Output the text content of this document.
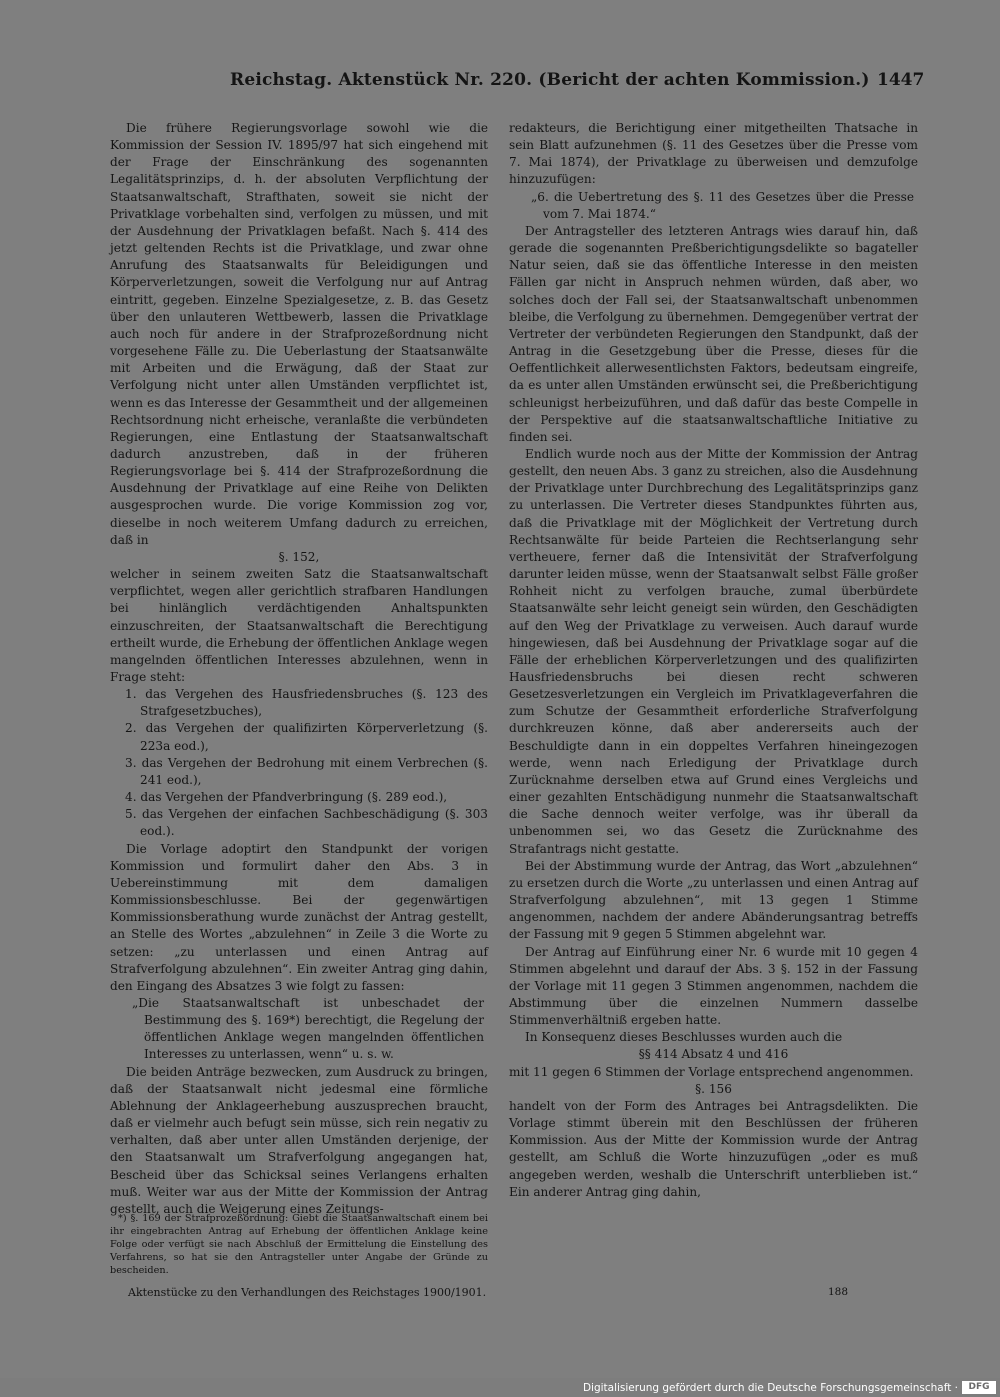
Reichstag. Aktenstück Nr. 220. (Bericht der achten Kommission.) 1447

Die frühere Regierungsvorlage sowohl wie die Kommission der Session IV. 1895/97 hat sich eingehend mit der Frage der Einschränkung des sogenannten Legalitätsprinzips, d. h. der absoluten Verpflichtung der Staatsanwaltschaft, Strafthaten, soweit sie nicht der Privatklage vorbehalten sind, verfolgen zu müssen, und mit der Ausdehnung der Privatklagen befaßt. Nach §. 414 des jetzt geltenden Rechts ist die Privatklage, und zwar ohne Anrufung des Staatsanwalts für Beleidigungen und Körperverletzungen, soweit die Verfolgung nur auf Antrag eintritt, gegeben. Einzelne Spezialgesetze, z. B. das Gesetz über den unlauteren Wettbewerb, lassen die Privatklage auch noch für andere in der Strafprozeßordnung nicht vorgesehene Fälle zu. Die Ueberlastung der Staatsanwälte mit Arbeiten und die Erwägung, daß der Staat zur Verfolgung nicht unter allen Umständen verpflichtet ist, wenn es das Interesse der Gesammtheit und der allgemeinen Rechtsordnung nicht erheische, veranlaßte die verbündeten Regierungen, eine Entlastung der Staatsanwaltschaft dadurch anzustreben, daß in der früheren Regierungsvorlage bei §. 414 der Strafprozeßordnung die Ausdehnung der Privatklage auf eine Reihe von Delikten ausgesprochen wurde. Die vorige Kommission zog vor, dieselbe in noch weiterem Umfang dadurch zu erreichen, daß in

§. 152,

welcher in seinem zweiten Satz die Staatsanwaltschaft verpflichtet, wegen aller gerichtlich strafbaren Handlungen bei hinlänglich verdächtigenden Anhaltspunkten einzuschreiten, der Staatsanwaltschaft die Berechtigung ertheilt wurde, die Erhebung der öffentlichen Anklage wegen mangelnden öffentlichen Interesses abzulehnen, wenn in Frage steht:

1. das Vergehen des Hausfriedensbruches (§. 123 des Strafgesetzbuches),

2. das Vergehen der qualifizirten Körperverletzung (§. 223a eod.),

3. das Vergehen der Bedrohung mit einem Verbrechen (§. 241 eod.),

4. das Vergehen der Pfandverbringung (§. 289 eod.),

5. das Vergehen der einfachen Sachbeschädigung (§. 303 eod.).

Die Vorlage adoptirt den Standpunkt der vorigen Kommission und formulirt daher den Abs. 3 in Uebereinstimmung mit dem damaligen Kommissionsbeschlusse. Bei der gegenwärtigen Kommissionsberathung wurde zunächst der Antrag gestellt, an Stelle des Wortes „abzulehnen“ in Zeile 3 die Worte zu setzen: „zu unterlassen und einen Antrag auf Strafverfolgung abzulehnen“. Ein zweiter Antrag ging dahin, den Eingang des Absatzes 3 wie folgt zu fassen:

„Die Staatsanwaltschaft ist unbeschadet der Bestimmung des §. 169*) berechtigt, die Regelung der öffentlichen Anklage wegen mangelnden öffentlichen Interesses zu unterlassen, wenn“ u. s. w.

Die beiden Anträge bezwecken, zum Ausdruck zu bringen, daß der Staatsanwalt nicht jedesmal eine förmliche Ablehnung der Anklageerhebung auszusprechen braucht, daß er vielmehr auch befugt sein müsse, sich rein negativ zu verhalten, daß aber unter allen Umständen derjenige, der den Staatsanwalt um Strafverfolgung angegangen hat, Bescheid über das Schicksal seines Verlangens erhalten muß. Weiter war aus der Mitte der Kommission der Antrag gestellt, auch die Weigerung eines Zeitungs-

*) §. 169 der Strafprozeßordnung: Giebt die Staatsanwaltschaft einem bei ihr eingebrachten Antrag auf Erhebung der öffentlichen Anklage keine Folge oder verfügt sie nach Abschluß der Ermittelung die Einstellung des Verfahrens, so hat sie den Antragsteller unter Angabe der Gründe zu bescheiden.

redakteurs, die Berichtigung einer mitgetheilten Thatsache in sein Blatt aufzunehmen (§. 11 des Gesetzes über die Presse vom 7. Mai 1874), der Privatklage zu überweisen und demzufolge hinzuzufügen:

„6. die Uebertretung des §. 11 des Gesetzes über die Presse vom 7. Mai 1874.“

Der Antragsteller des letzteren Antrags wies darauf hin, daß gerade die sogenannten Preßberichtigungsdelikte so bagateller Natur seien, daß sie das öffentliche Interesse in den meisten Fällen gar nicht in Anspruch nehmen würden, daß aber, wo solches doch der Fall sei, der Staatsanwaltschaft unbenommen bleibe, die Verfolgung zu übernehmen. Demgegenüber vertrat der Vertreter der verbündeten Regierungen den Standpunkt, daß der Antrag in die Gesetzgebung über die Presse, dieses für die Oeffentlichkeit allerwesentlichsten Faktors, bedeutsam eingreife, da es unter allen Umständen erwünscht sei, die Preßberichtigung schleunigst herbeizuführen, und daß dafür das beste Compelle in der Perspektive auf die staatsanwaltschaftliche Initiative zu finden sei.

Endlich wurde noch aus der Mitte der Kommission der Antrag gestellt, den neuen Abs. 3 ganz zu streichen, also die Ausdehnung der Privatklage unter Durchbrechung des Legalitätsprinzips ganz zu unterlassen. Die Vertreter dieses Standpunktes führten aus, daß die Privatklage mit der Möglichkeit der Vertretung durch Rechtsanwälte für beide Parteien die Rechtserlangung sehr vertheuere, ferner daß die Intensivität der Strafverfolgung darunter leiden müsse, wenn der Staatsanwalt selbst Fälle großer Rohheit nicht zu verfolgen brauche, zumal überbürdete Staatsanwälte sehr leicht geneigt sein würden, den Geschädigten auf den Weg der Privatklage zu verweisen. Auch darauf wurde hingewiesen, daß bei Ausdehnung der Privatklage sogar auf die Fälle der erheblichen Körperverletzungen und des qualifizirten Hausfriedensbruchs bei diesen recht schweren Gesetzesverletzungen ein Vergleich im Privatklageverfahren die zum Schutze der Gesammtheit erforderliche Strafverfolgung durchkreuzen könne, daß aber andererseits auch der Beschuldigte dann in ein doppeltes Verfahren hineingezogen werde, wenn nach Erledigung der Privatklage durch Zurücknahme derselben etwa auf Grund eines Vergleichs und einer gezahlten Entschädigung nunmehr die Staatsanwaltschaft die Sache dennoch weiter verfolge, was ihr überall da unbenommen sei, wo das Gesetz die Zurücknahme des Strafantrags nicht gestatte.

Bei der Abstimmung wurde der Antrag, das Wort „abzulehnen“ zu ersetzen durch die Worte „zu unterlassen und einen Antrag auf Strafverfolgung abzulehnen“, mit 13 gegen 1 Stimme angenommen, nachdem der andere Abänderungsantrag betreffs der Fassung mit 9 gegen 5 Stimmen abgelehnt war.

Der Antrag auf Einführung einer Nr. 6 wurde mit 10 gegen 4 Stimmen abgelehnt und darauf der Abs. 3 §. 152 in der Fassung der Vorlage mit 11 gegen 3 Stimmen angenommen, nachdem die Abstimmung über die einzelnen Nummern dasselbe Stimmenverhältniß ergeben hatte.

In Konsequenz dieses Beschlusses wurden auch die

§§ 414 Absatz 4 und 416

mit 11 gegen 6 Stimmen der Vorlage entsprechend angenommen.

§. 156

handelt von der Form des Antrages bei Antragsdelikten. Die Vorlage stimmt überein mit den Beschlüssen der früheren Kommission. Aus der Mitte der Kommission wurde der Antrag gestellt, am Schluß die Worte hinzuzufügen „oder es muß angegeben werden, weshalb die Unterschrift unterblieben ist.“ Ein anderer Antrag ging dahin,

Aktenstücke zu den Verhandlungen des Reichstages 1900/1901.	188
Digitalisierung gefördert durch die Deutsche Forschungsgemeinschaft ·	DFG
